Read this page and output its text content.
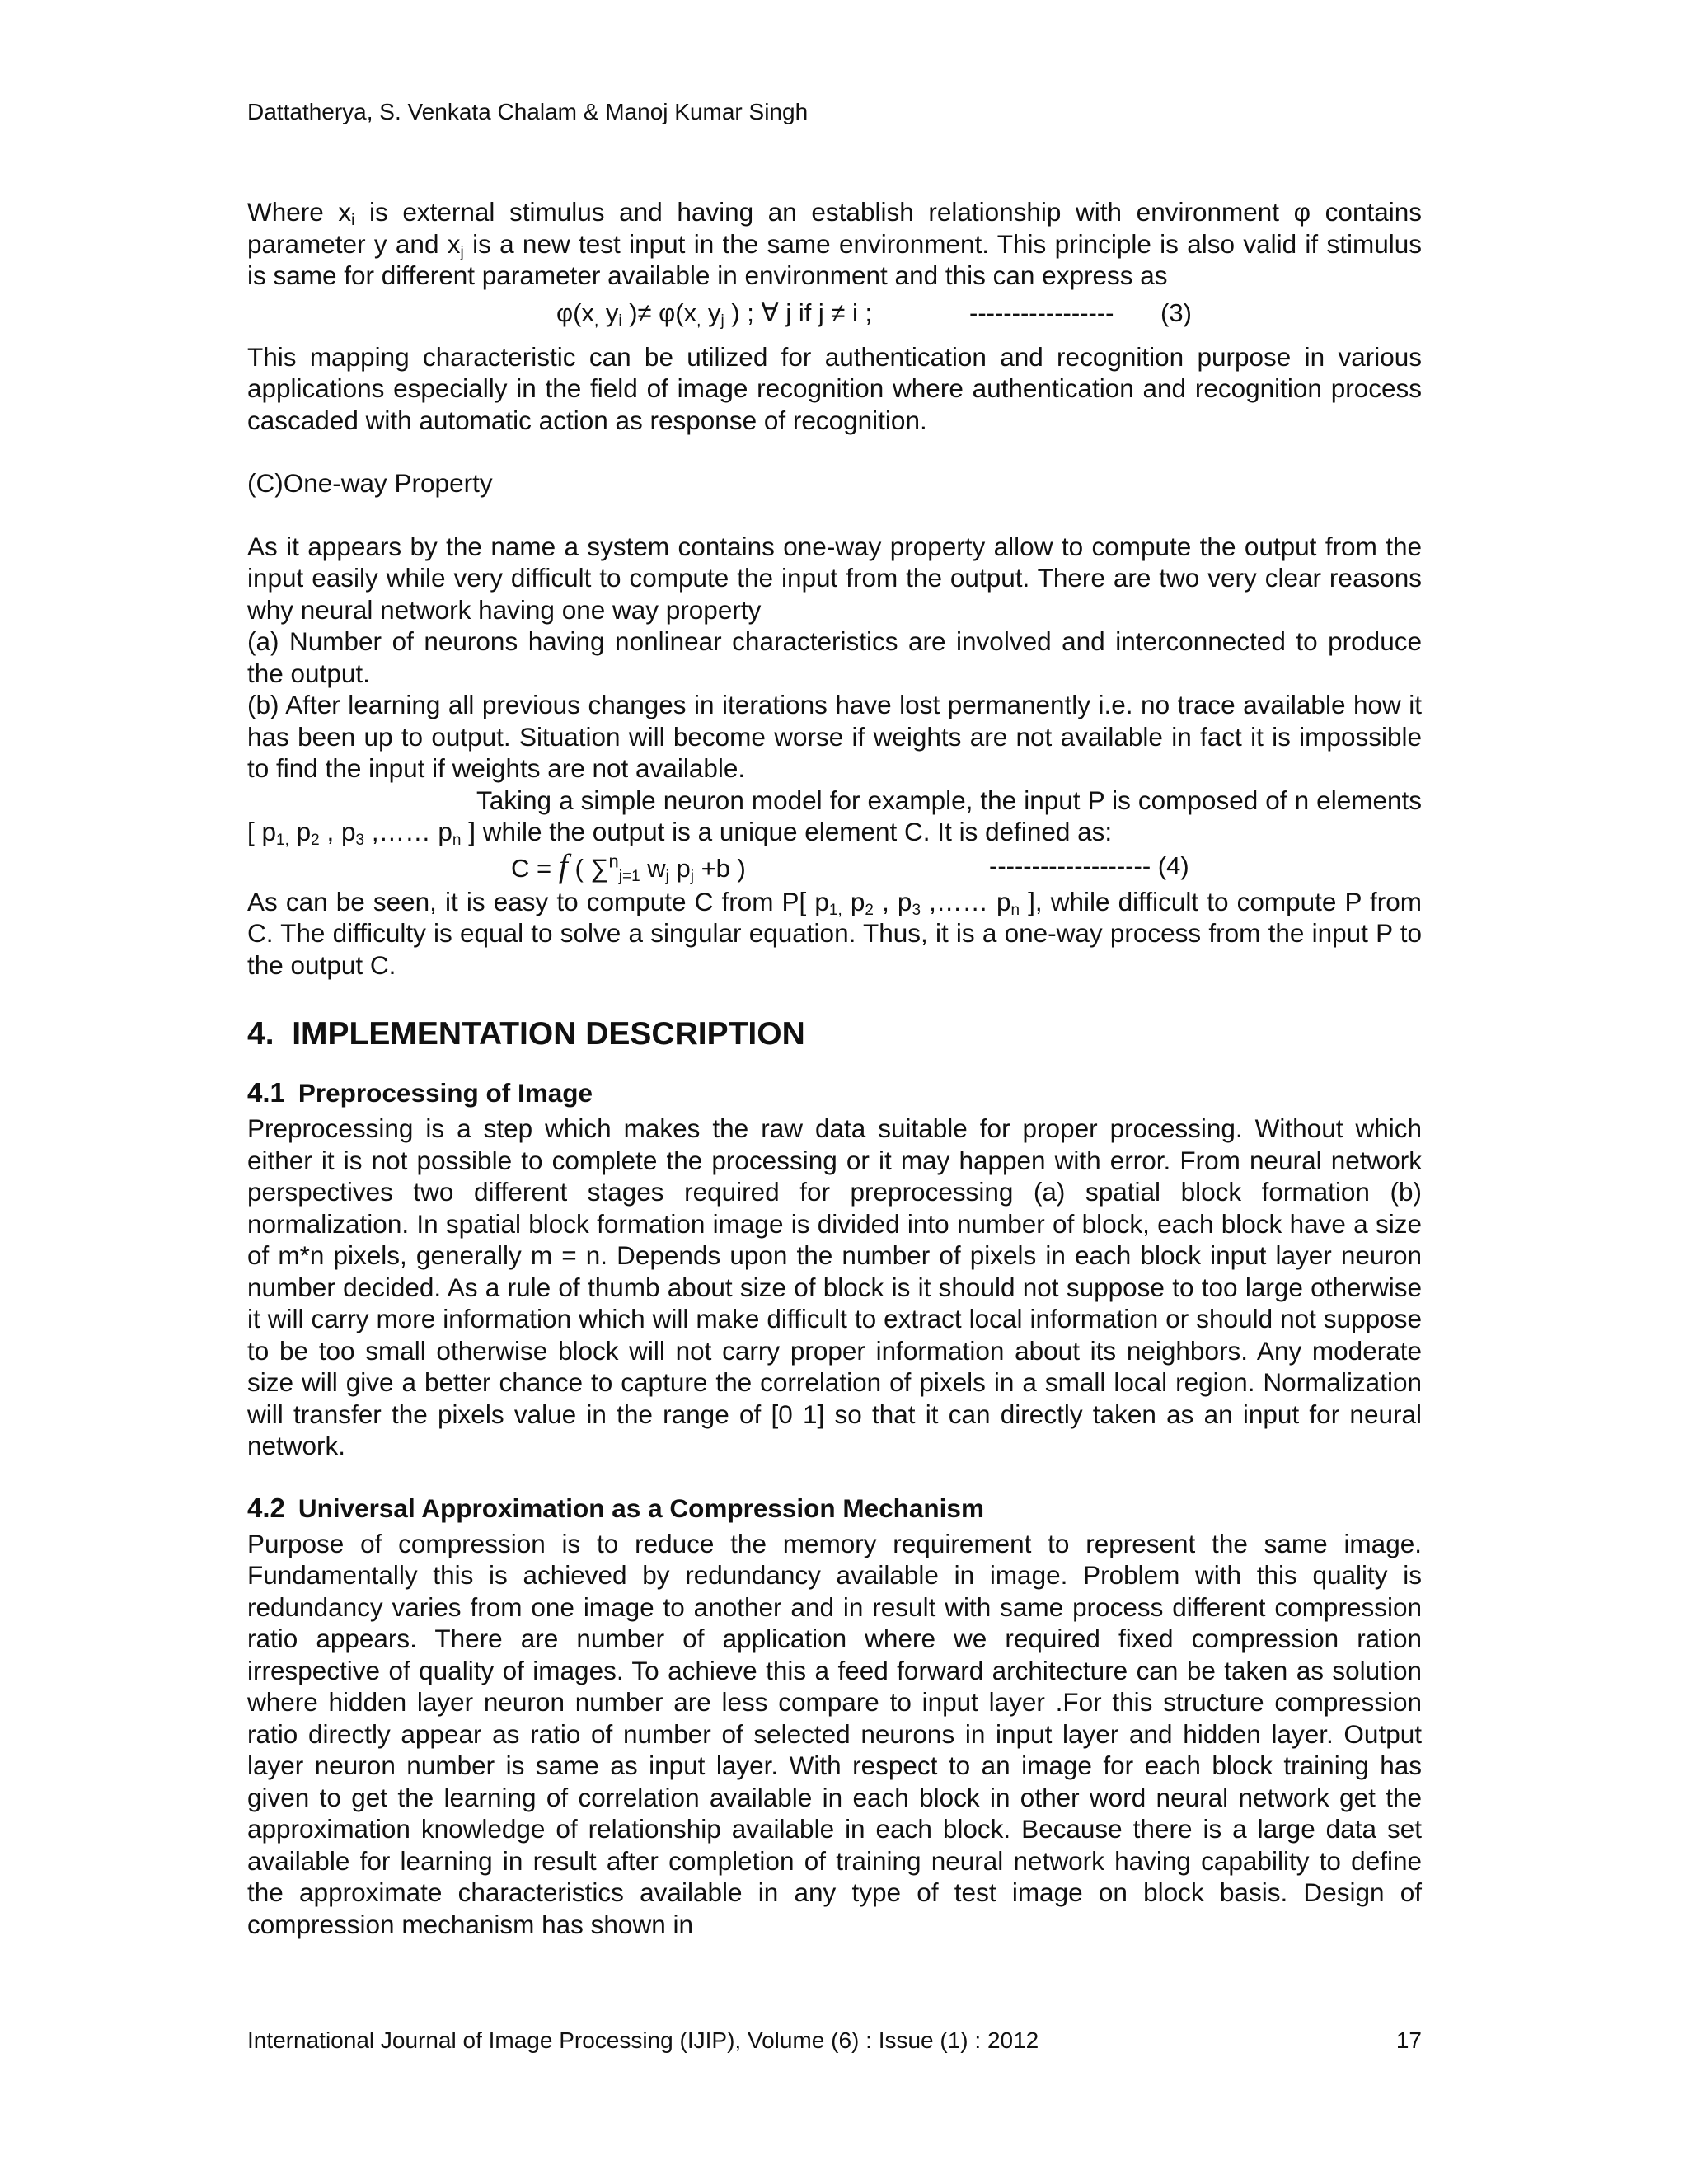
Dattatherya, S. Venkata Chalam & Manoj Kumar Singh

Where $x_i$ is external stimulus and having an establish relationship with environment φ contains parameter y and $x_j$ is a new test input in the same environment. This principle is also valid if stimulus is same for different parameter available in environment and this can express as

$\varphi(x_,$ $y_i$ )≠ $\varphi(x_,$ $y_j$ ) ; ∀ j if j ≠ i ;	----------------- (3)

This mapping characteristic can be utilized for authentication and recognition purpose in various applications especially in the field of image recognition where authentication and recognition process cascaded with automatic action as response of recognition.

(C)One-way Property

As it appears by the name a system contains one-way property allow to compute the output from the input easily while very difficult to compute the input from the output. There are two very clear reasons why neural network having one way property

(a) Number of neurons having nonlinear characteristics are involved and interconnected to produce the output.

(b) After learning all previous changes in iterations have lost permanently i.e. no trace available how it has been up to output. Situation will become worse if weights are not available in fact it is impossible to find the input if weights are not available.

Taking a simple neuron model for example, the input P is composed of n elements [ $p_{1,}$ $p_2$ , $p_3$ ,…… $p_n$ ] while the output is a unique element C. It is defined as:

C = f ( ∑$^n_{j=1}$ $w_j$ $p_j +b$ )	------------------- (4)

As can be seen, it is easy to compute C from P[ $p_{1,}$ $p_2$ , $p_3$ ,…… $p_n$ ], while difficult to compute P from C. The difficulty is equal to solve a singular equation. Thus, it is a one-way process from the input P to the output C.

4. IMPLEMENTATION DESCRIPTION
4.1 Preprocessing of Image

Preprocessing is a step which makes the raw data suitable for proper processing. Without which either it is not possible to complete the processing or it may happen with error. From neural network perspectives two different stages required for preprocessing (a) spatial block formation (b) normalization. In spatial block formation image is divided into number of block, each block have a size of m*n pixels, generally m = n. Depends upon the number of pixels in each block input layer neuron number decided. As a rule of thumb about size of block is it should not suppose to too large otherwise it will carry more information which will make difficult to extract local information or should not suppose to be too small otherwise block will not carry proper information about its neighbors. Any moderate size will give a better chance to capture the correlation of pixels in a small local region. Normalization will transfer the pixels value in the range of [0 1] so that it can directly taken as an input for neural network.

4.2 Universal Approximation as a Compression Mechanism

Purpose of compression is to reduce the memory requirement to represent the same image. Fundamentally this is achieved by redundancy available in image. Problem with this quality is redundancy varies from one image to another and in result with same process different compression ratio appears. There are number of application where we required fixed compression ration irrespective of quality of images. To achieve this a feed forward architecture can be taken as solution where hidden layer neuron number are less compare to input layer .For this structure compression ratio directly appear as ratio of number of selected neurons in input layer and hidden layer. Output layer neuron number is same as input layer. With respect to an image for each block training has given to get the learning of correlation available in each block in other word neural network get the approximation knowledge of relationship available in each block. Because there is a large data set available for learning in result after completion of training neural network having capability to define the approximate characteristics available in any type of test image on block basis. Design of compression mechanism has shown in

International Journal of Image Processing (IJIP), Volume (6) : Issue (1) : 2012	17
